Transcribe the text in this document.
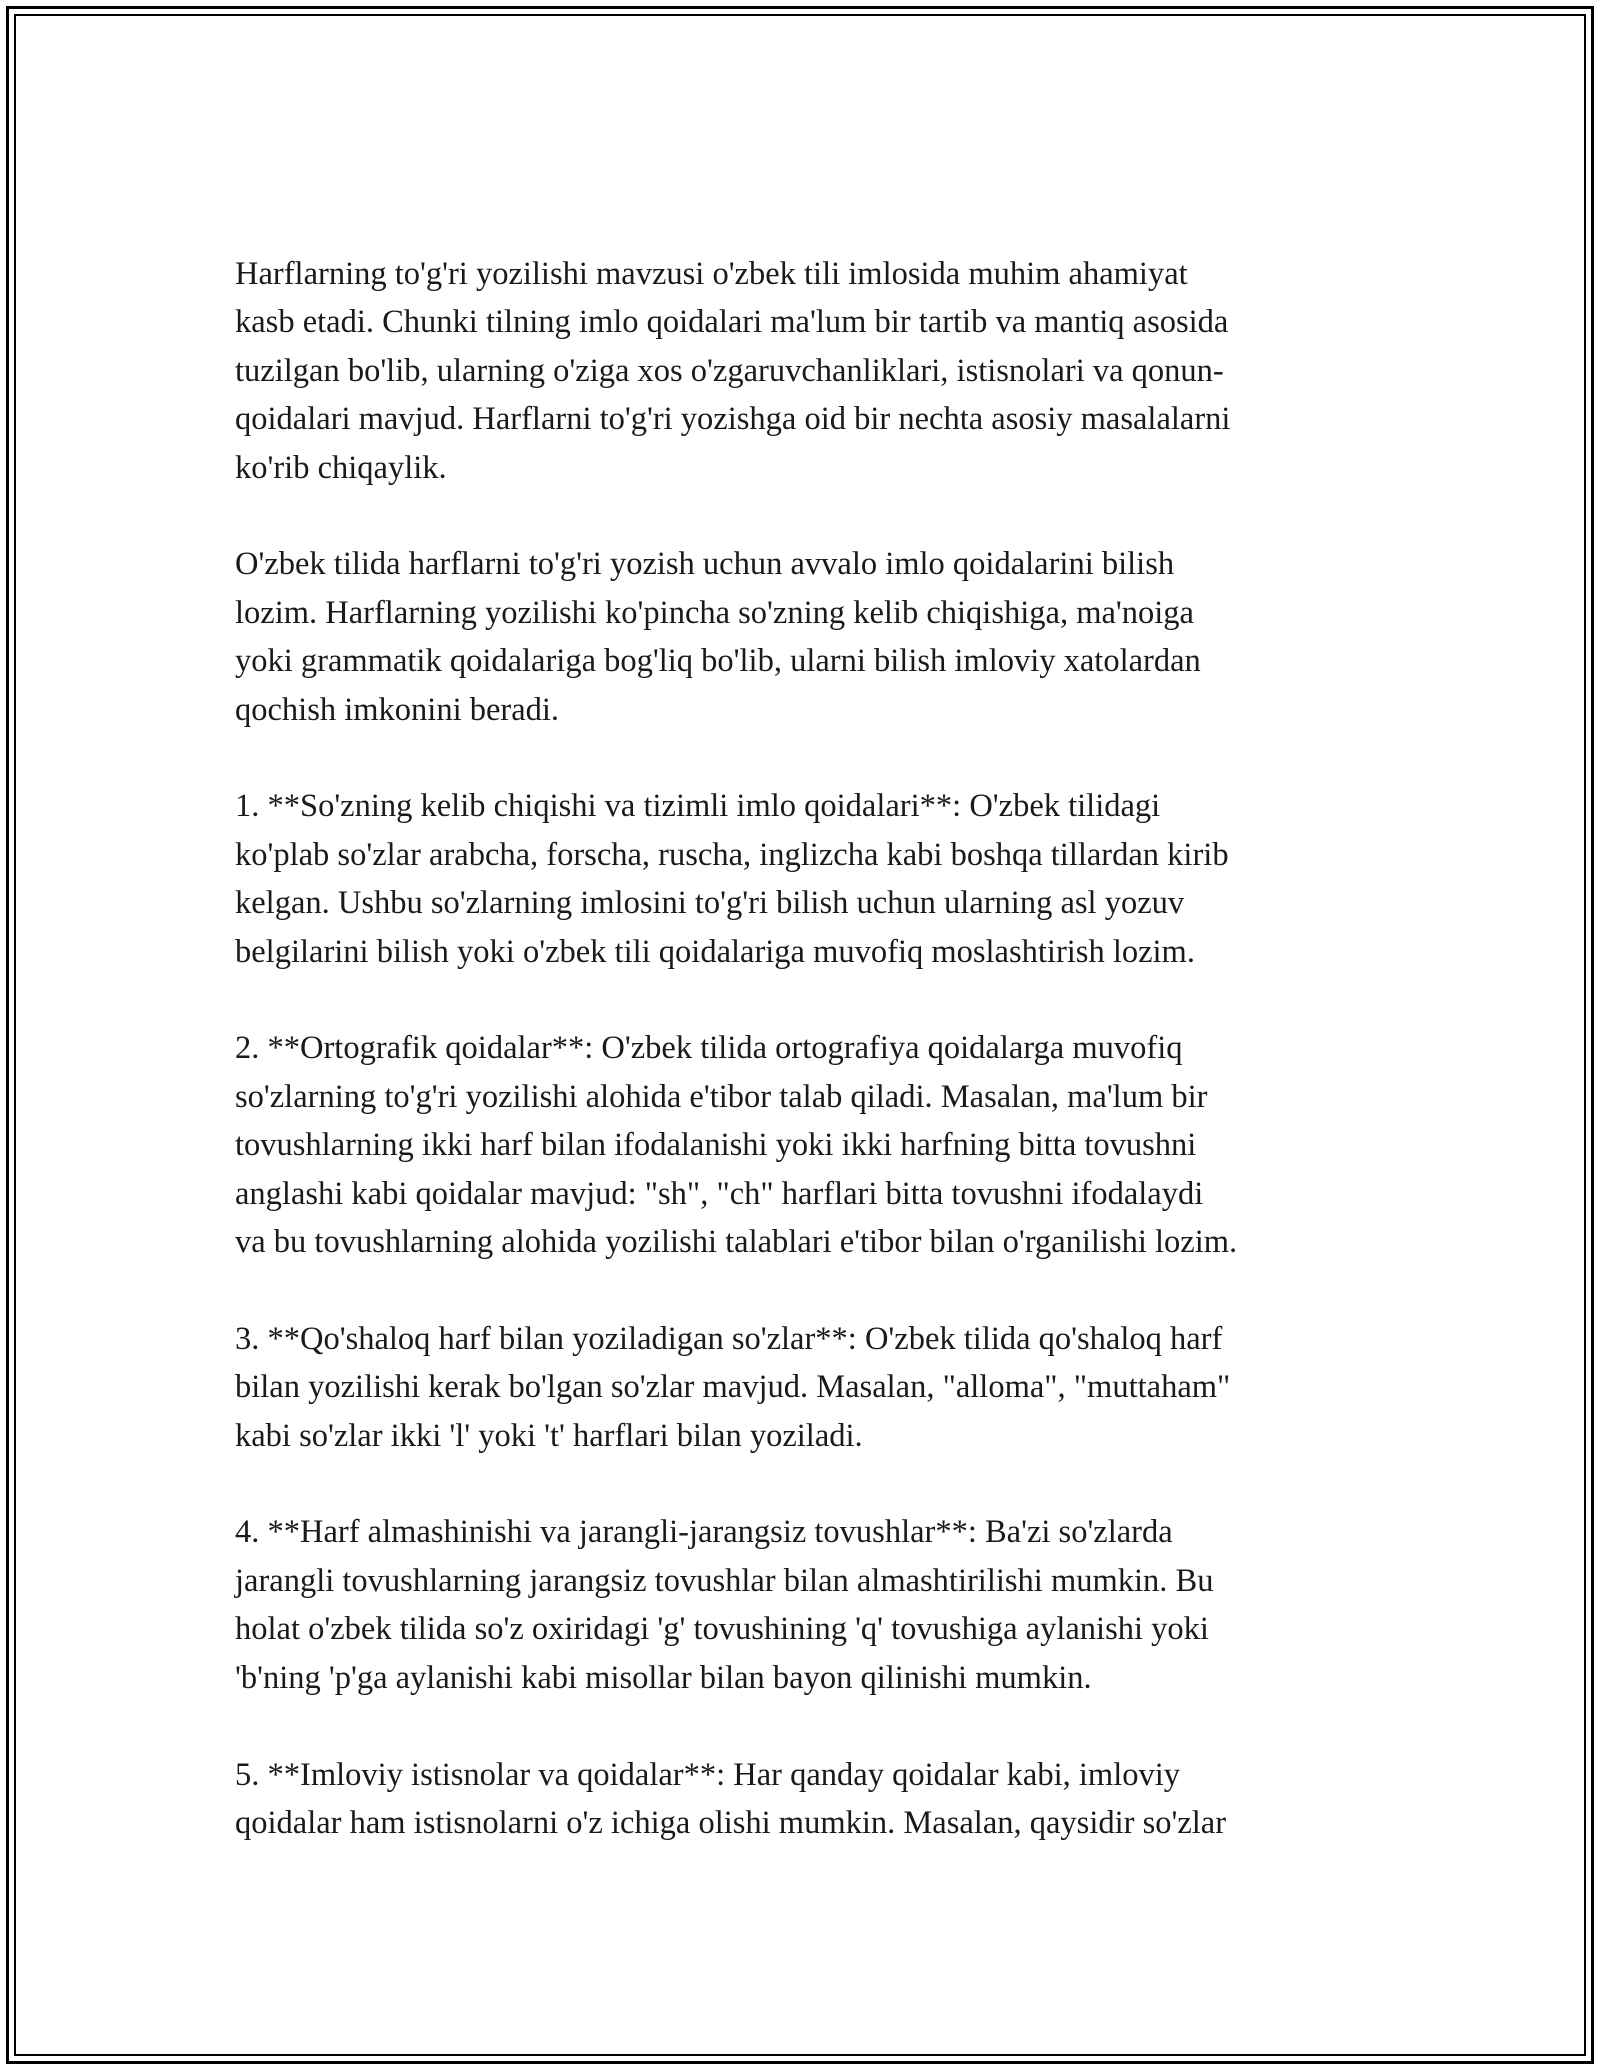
Harflarning to'g'ri yozilishi mavzusi o'zbek tili imlosida muhim ahamiyat
kasb etadi. Chunki tilning imlo qoidalari ma'lum bir tartib va mantiq asosida
tuzilgan bo'lib, ularning o'ziga xos o'zgaruvchanliklari, istisnolari va qonun-
qoidalari mavjud. Harflarni to'g'ri yozishga oid bir nechta asosiy masalalarni
ko'rib chiqaylik.

O'zbek tilida harflarni to'g'ri yozish uchun avvalo imlo qoidalarini bilish
lozim. Harflarning yozilishi ko'pincha so'zning kelib chiqishiga, ma'noiga
yoki grammatik qoidalariga bog'liq bo'lib, ularni bilish imloviy xatolardan
qochish imkonini beradi.

1. **So'zning kelib chiqishi va tizimli imlo qoidalari**: O'zbek tilidagi
ko'plab so'zlar arabcha, forscha, ruscha, inglizcha kabi boshqa tillardan kirib
kelgan. Ushbu so'zlarning imlosini to'g'ri bilish uchun ularning asl yozuv
belgilarini bilish yoki o'zbek tili qoidalariga muvofiq moslashtirish lozim.

2. **Ortografik qoidalar**: O'zbek tilida ortografiya qoidalarga muvofiq
so'zlarning to'g'ri yozilishi alohida e'tibor talab qiladi. Masalan, ma'lum bir
tovushlarning ikki harf bilan ifodalanishi yoki ikki harfning bitta tovushni
anglashi kabi qoidalar mavjud: "sh", "ch" harflari bitta tovushni ifodalaydi
va bu tovushlarning alohida yozilishi talablari e'tibor bilan o'rganilishi lozim.

3. **Qo'shaloq harf bilan yoziladigan so'zlar**: O'zbek tilida qo'shaloq harf
bilan yozilishi kerak bo'lgan so'zlar mavjud. Masalan, "alloma", "muttaham"
kabi so'zlar ikki 'l' yoki 't' harflari bilan yoziladi.

4. **Harf almashinishi va jarangli-jarangsiz tovushlar**: Ba'zi so'zlarda
jarangli tovushlarning jarangsiz tovushlar bilan almashtirilishi mumkin. Bu
holat o'zbek tilida so'z oxiridagi 'g' tovushining 'q' tovushiga aylanishi yoki
'b'ning 'p'ga aylanishi kabi misollar bilan bayon qilinishi mumkin.

5. **Imloviy istisnolar va qoidalar**: Har qanday qoidalar kabi, imloviy
qoidalar ham istisnolarni o'z ichiga olishi mumkin. Masalan, qaysidir so'zlar
